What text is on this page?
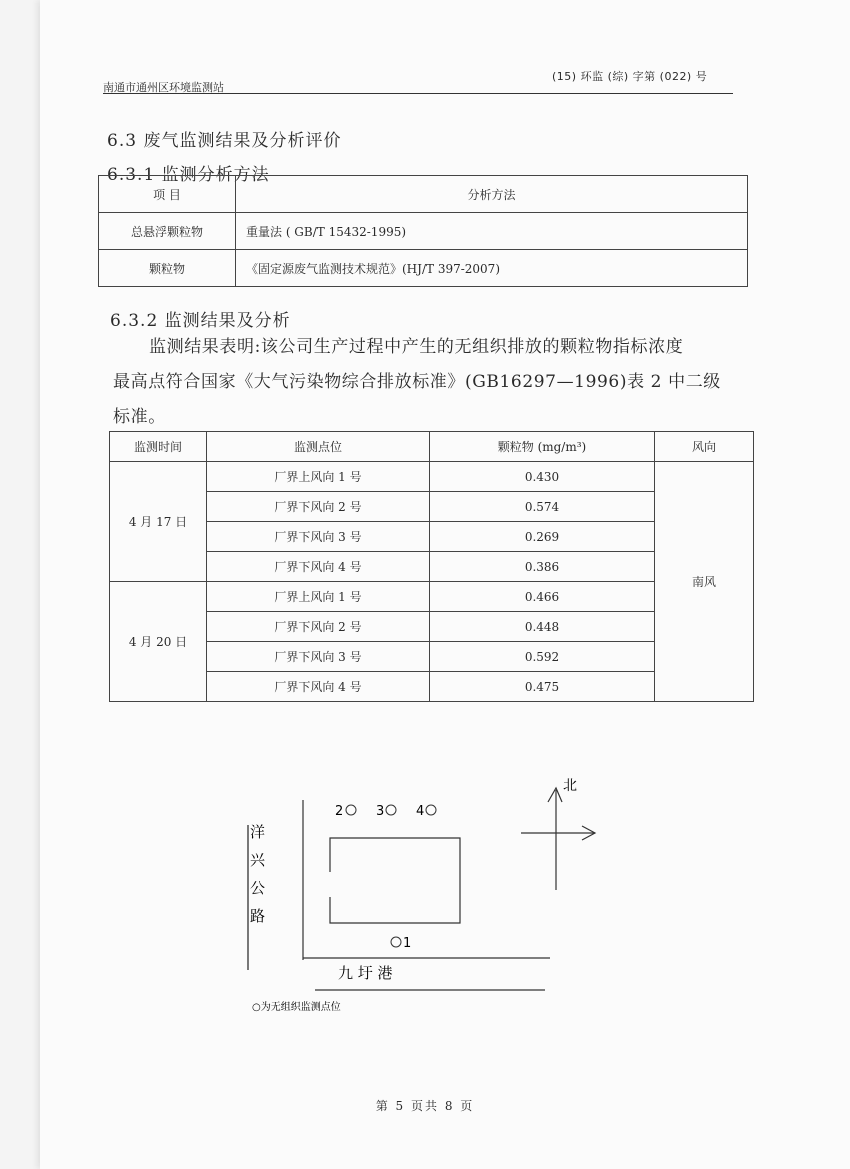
南通市通州区环境监测站
(15) 环监 (综) 字第 (022) 号
6.3 废气监测结果及分析评价
6.3.1 监测分析方法
项 目	分析方法
总悬浮颗粒物	重量法 ( GB/T 15432-1995)
颗粒物	《固定源废气监测技术规范》(HJ/T 397-2007)
6.3.2 监测结果及分析
监测结果表明:该公司生产过程中产生的无组织排放的颗粒物指标浓度
最高点符合国家《大气污染物综合排放标准》(GB16297—1996)表 2 中二级
标准。
监测时间	监测点位	颗粒物 (mg/m³)	风向
4 月 17 日	厂界上风向 1 号	0.430	南风
	厂界下风向 2 号	0.574	
	厂界下风向 3 号	0.269	
	厂界下风向 4 号	0.386	
4 月 20 日	厂界上风向 1 号	0.466	
	厂界下风向 2 号	0.448	
	厂界下风向 3 号	0.592	
	厂界下风向 4 号	0.475	
洋
兴
公
路
2	3 4
1
九 圩 港
北
○为无组织监测点位
第 5 页共 8 页
